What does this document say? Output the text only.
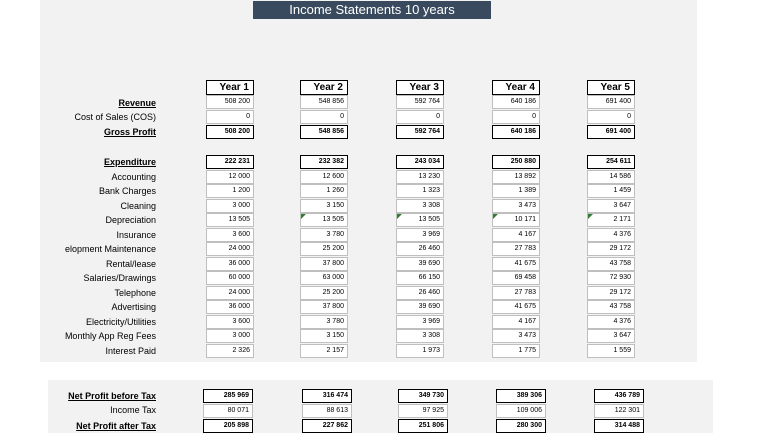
Income Statements 10 years
Revenue
Cost of Sales (COS)
Gross Profit
Expenditure
Accounting
Bank Charges
Cleaning
Depreciation
Insurance
elopment Maintenance
Rental/lease
Salaries/Drawings
Telephone
Advertising
Electricity/Utilities
Monthly App Reg Fees
Interest Paid
Net Profit before Tax
Income Tax
Net Profit after Tax
Year 1
508 200
0
508 200
222 231
12 000
1 200
3 000
13 505
3 600
24 000
36 000
60 000
24 000
36 000
3 600
3 000
2 326
Year 2
548 856
0
548 856
232 382
12 600
1 260
3 150
13 505
3 780
25 200
37 800
63 000
25 200
37 800
3 780
3 150
2 157
Year 3
592 764
0
592 764
243 034
13 230
1 323
3 308
13 505
3 969
26 460
39 690
66 150
26 460
39 690
3 969
3 308
1 973
Year 4
640 186
0
640 186
250 880
13 892
1 389
3 473
10 171
4 167
27 783
41 675
69 458
27 783
41 675
4 167
3 473
1 775
Year 5
691 400
0
691 400
254 611
14 586
1 459
3 647
2 171
4 376
29 172
43 758
72 930
29 172
43 758
4 376
3 647
1 559
285 969
80 071
205 898
316 474
88 613
227 862
349 730
97 925
251 806
389 306
109 006
280 300
436 789
122 301
314 488
